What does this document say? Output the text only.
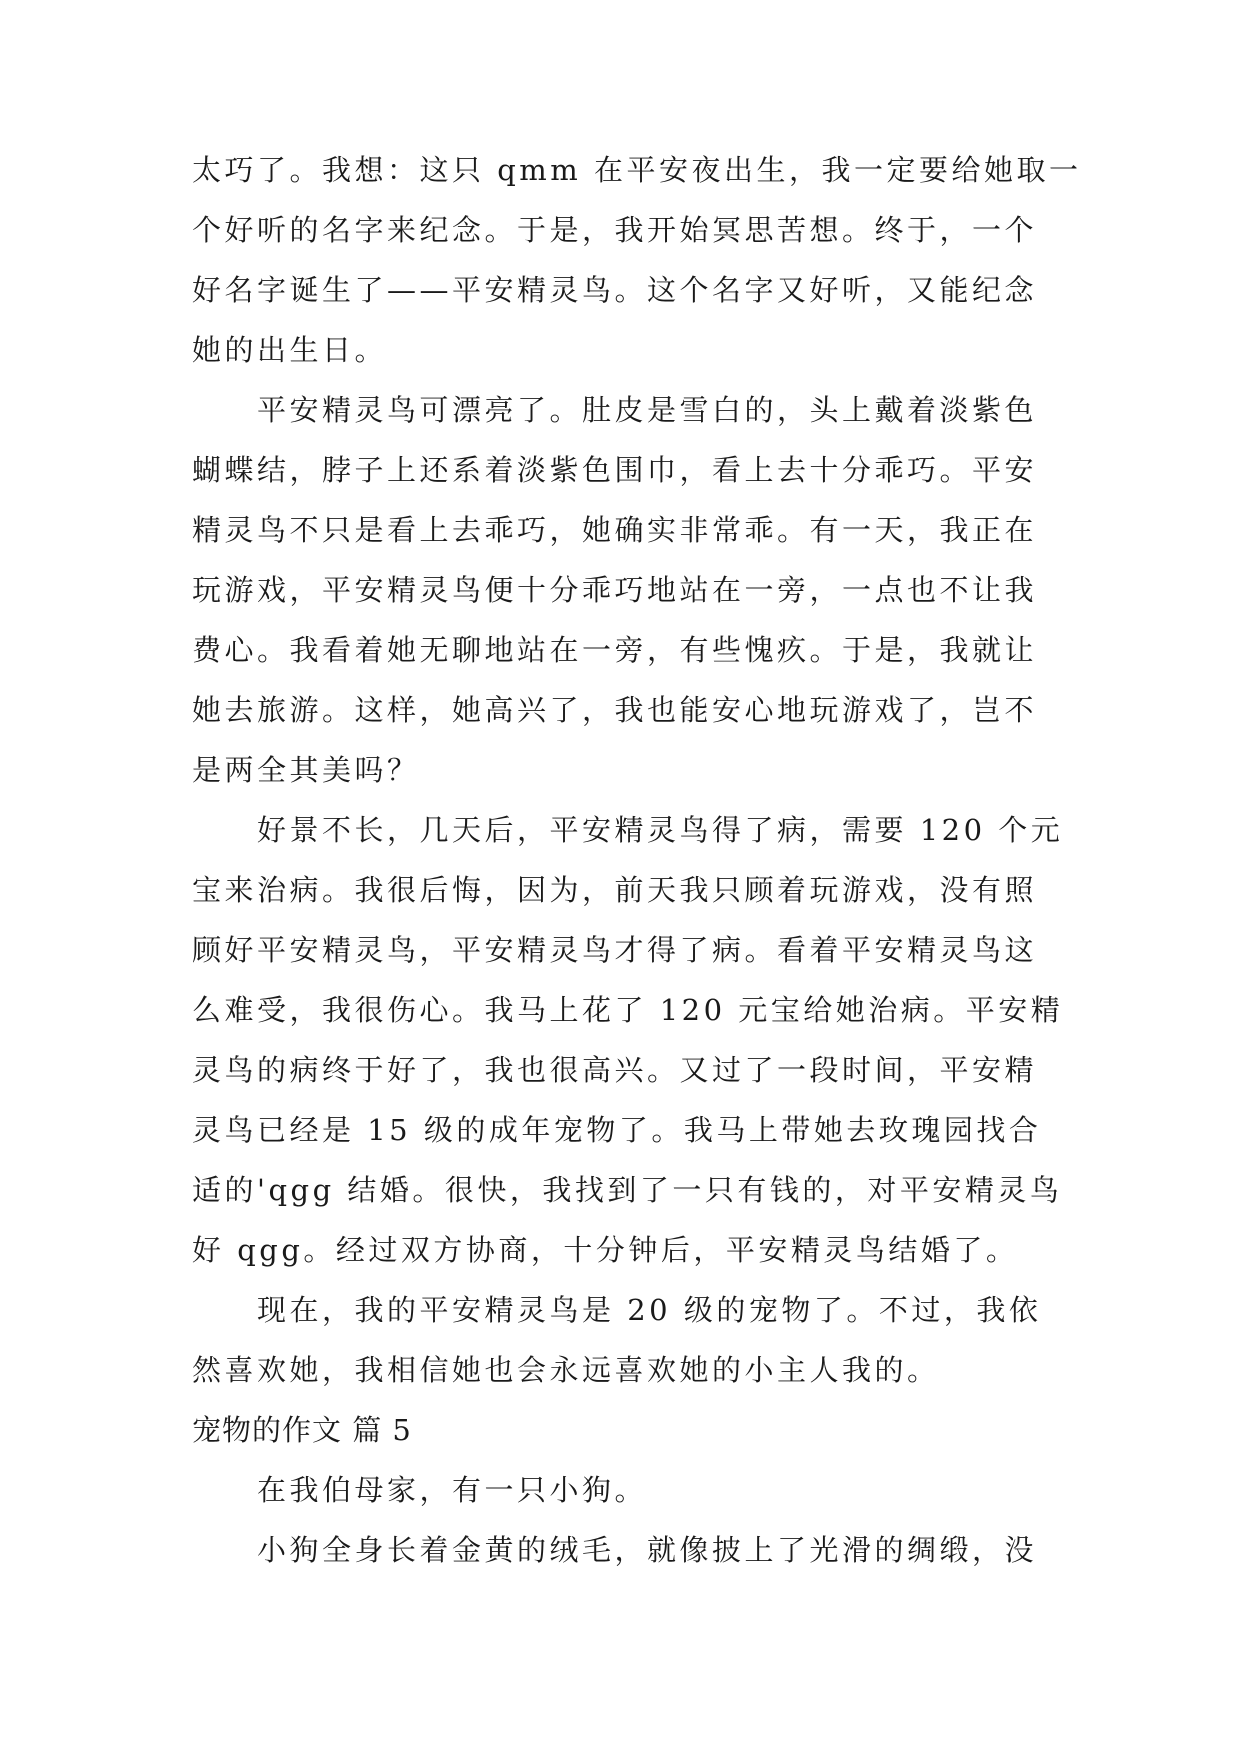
太巧了。我想：这只 qmm 在平安夜出生，我一定要给她取一
个好听的名字来纪念。于是，我开始冥思苦想。终于，一个
好名字诞生了——平安精灵鸟。这个名字又好听，又能纪念
她的出生日。
　　平安精灵鸟可漂亮了。肚皮是雪白的，头上戴着淡紫色
蝴蝶结，脖子上还系着淡紫色围巾，看上去十分乖巧。平安
精灵鸟不只是看上去乖巧，她确实非常乖。有一天，我正在
玩游戏，平安精灵鸟便十分乖巧地站在一旁，一点也不让我
费心。我看着她无聊地站在一旁，有些愧疚。于是，我就让
她去旅游。这样，她高兴了，我也能安心地玩游戏了，岂不
是两全其美吗？
　　好景不长，几天后，平安精灵鸟得了病，需要 120 个元
宝来治病。我很后悔，因为，前天我只顾着玩游戏，没有照
顾好平安精灵鸟，平安精灵鸟才得了病。看着平安精灵鸟这
么难受，我很伤心。我马上花了 120 元宝给她治病。平安精
灵鸟的病终于好了，我也很高兴。又过了一段时间，平安精
灵鸟已经是 15 级的成年宠物了。我马上带她去玫瑰园找合
适的'qgg 结婚。很快，我找到了一只有钱的，对平安精灵鸟
好 qgg。经过双方协商，十分钟后，平安精灵鸟结婚了。
　　现在，我的平安精灵鸟是 20 级的宠物了。不过，我依
然喜欢她，我相信她也会永远喜欢她的小主人我的。
宠物的作文 篇 5
　　在我伯母家，有一只小狗。
　　小狗全身长着金黄的绒毛，就像披上了光滑的绸缎，没
